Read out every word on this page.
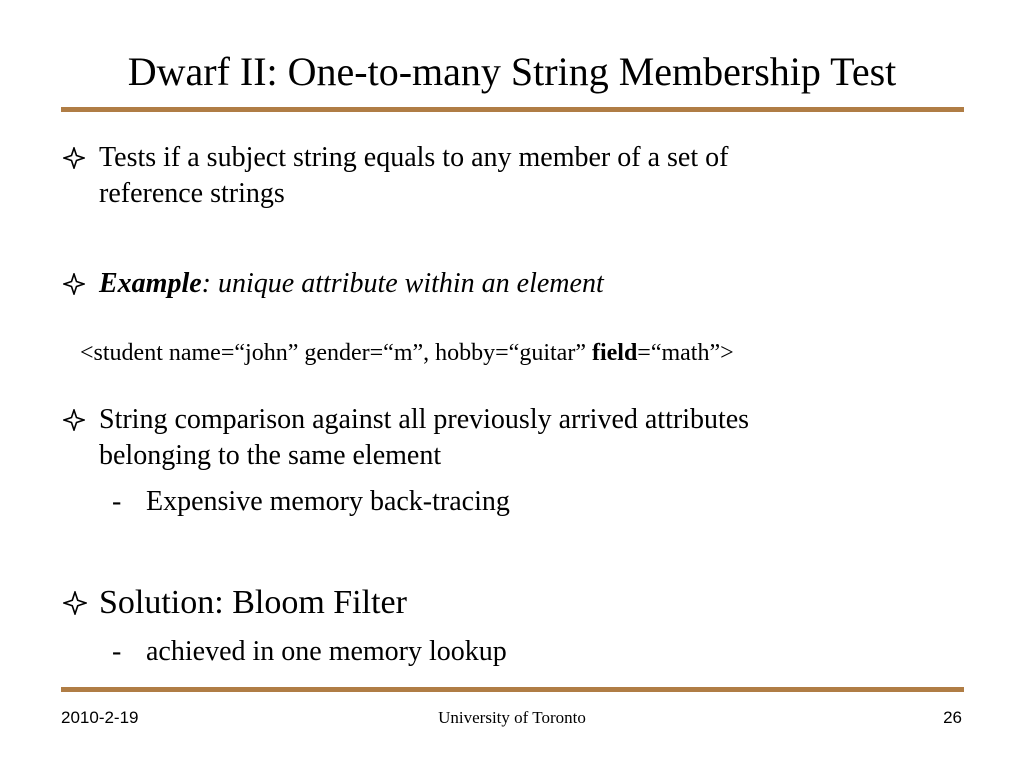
Dwarf II: One-to-many String Membership Test
Tests if a subject string equals to any member of a set of
reference strings
Example: unique attribute within an element
<student name=“john” gender=“m”, hobby=“guitar” field=“math”>
String comparison against all previously arrived attributes
belonging to the same element
- Expensive memory back-tracing
Solution: Bloom Filter
- achieved in one memory lookup
2010-2-19	University of Toronto	26
